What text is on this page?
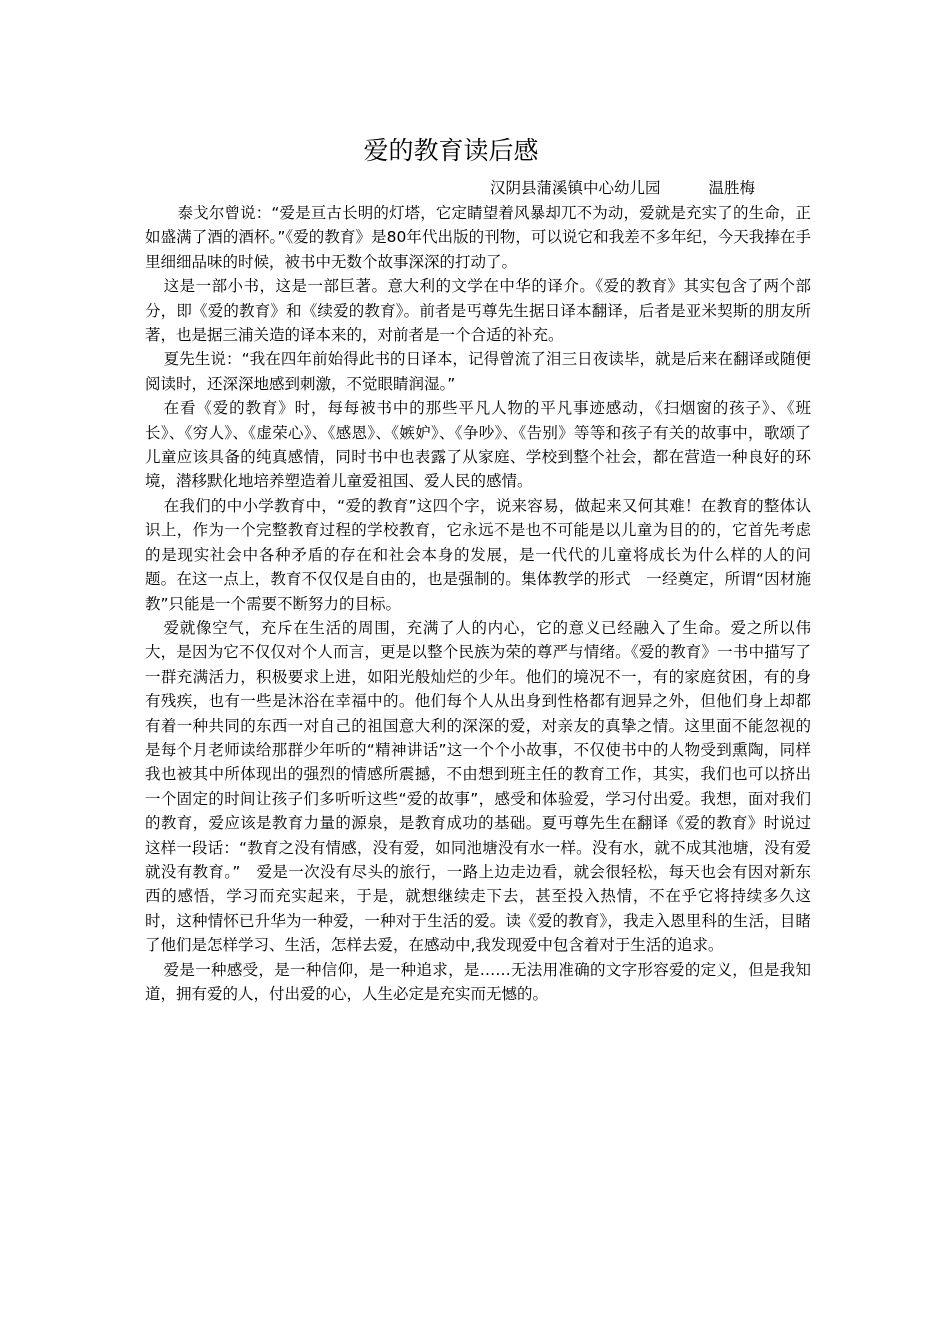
爱的教育读后感
汉阴县蒲溪镇中心幼儿园	温胜梅

泰戈尔曾说：“爱是亘古长明的灯塔，它定睛望着风暴却兀不为动，爱就是充实了的生命，正如盛满了酒的酒杯。”《爱的教育》是80年代出版的刊物，可以说它和我差不多年纪，今天我捧在手里细细品味的时候，被书中无数个故事深深的打动了。

这是一部小书，这是一部巨著。意大利的文学在中华的译介。《爱的教育》其实包含了两个部分，即《爱的教育》和《续爱的教育》。前者是丐尊先生据日译本翻译，后者是亚米契斯的朋友所著，也是据三浦关造的译本来的，对前者是一个合适的补充。

夏先生说：“我在四年前始得此书的日译本，记得曾流了泪三日夜读毕，就是后来在翻译或随便阅读时，还深深地感到刺激，不觉眼睛润湿。”

在看《爱的教育》时，每每被书中的那些平凡人物的平凡事迹感动，《扫烟窗的孩子》、《班长》、《穷人》、《虚荣心》、《感恩》、《嫉妒》、《争吵》、《告别》等等和孩子有关的故事中，歌颂了儿童应该具备的纯真感情，同时书中也表露了从家庭、学校到整个社会，都在营造一种良好的环境，潜移默化地培养塑造着儿童爱祖国、爱人民的感情。

在我们的中小学教育中，“爱的教育”这四个字，说来容易，做起来又何其难！在教育的整体认识上，作为一个完整教育过程的学校教育，它永远不是也不可能是以儿童为目的的，它首先考虑的是现实社会中各种矛盾的存在和社会本身的发展，是一代代的儿童将成长为什么样的人的问题。在这一点上，教育不仅仅是自由的，也是强制的。集体教学的形式　一经奠定，所谓“因材施教”只能是一个需要不断努力的目标。

爱就像空气，充斥在生活的周围，充满了人的内心，它的意义已经融入了生命。爱之所以伟大，是因为它不仅仅对个人而言，更是以整个民族为荣的尊严与情绪。《爱的教育》一书中描写了一群充满活力，积极要求上进，如阳光般灿烂的少年。他们的境况不一，有的家庭贫困，有的身有残疾，也有一些是沐浴在幸福中的。他们每个人从出身到性格都有迥异之外，但他们身上却都有着一种共同的东西一对自己的祖国意大利的深深的爱，对亲友的真挚之情。这里面不能忽视的是每个月老师读给那群少年听的“精神讲话”这一个个小故事，不仅使书中的人物受到熏陶，同样我也被其中所体现出的强烈的情感所震撼，不由想到班主任的教育工作，其实，我们也可以挤出一个固定的时间让孩子们多听听这些“爱的故事”，感受和体验爱，学习付出爱。我想，面对我们的教育，爱应该是教育力量的源泉，是教育成功的基础。夏丏尊先生在翻译《爱的教育》时说过这样一段话：“教育之没有情感，没有爱，如同池塘没有水一样。没有水，就不成其池塘，没有爱就没有教育。”　爱是一次没有尽头的旅行，一路上边走边看，就会很轻松，每天也会有因对新东西的感悟，学习而充实起来，于是，就想继续走下去，甚至投入热情，不在乎它将持续多久这时，这种情怀已升华为一种爱，一种对于生活的爱。读《爱的教育》，我走入恩里科的生活，目睹了他们是怎样学习、生活，怎样去爱，在感动中,我发现爱中包含着对于生活的追求。

爱是一种感受，是一种信仰，是一种追求，是……无法用准确的文字形容爱的定义，但是我知道，拥有爱的人，付出爱的心，人生必定是充实而无憾的。
